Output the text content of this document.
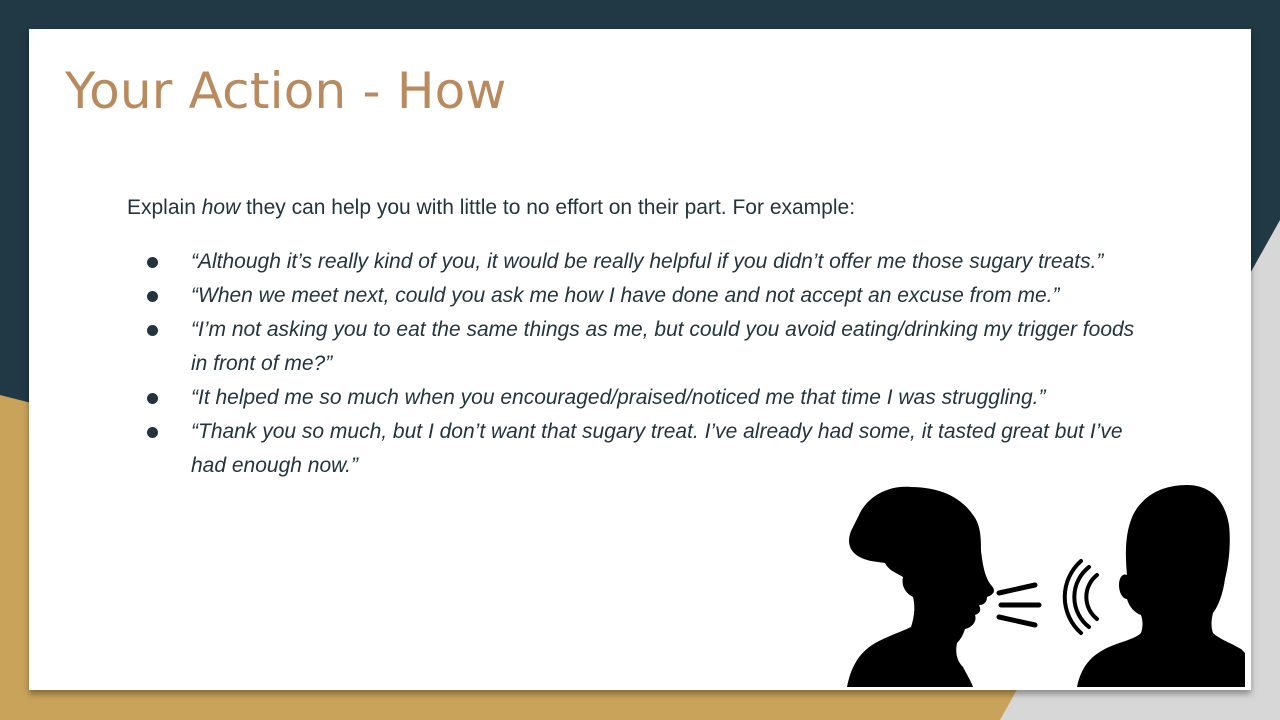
Your Action - How

Explain how they can help you with little to no effort on their part. For example:

“Although it’s really kind of you, it would be really helpful if you didn’t offer me those sugary treats.”
“When we meet next, could you ask me how I have done and not accept an excuse from me.”
“I’m not asking you to eat the same things as me, but could you avoid eating/drinking my trigger foods in front of me?”
“It helped me so much when you encouraged/praised/noticed me that time I was struggling.”
“Thank you so much, but I don’t want that sugary treat. I’ve already had some, it tasted great but I’ve had enough now.”
